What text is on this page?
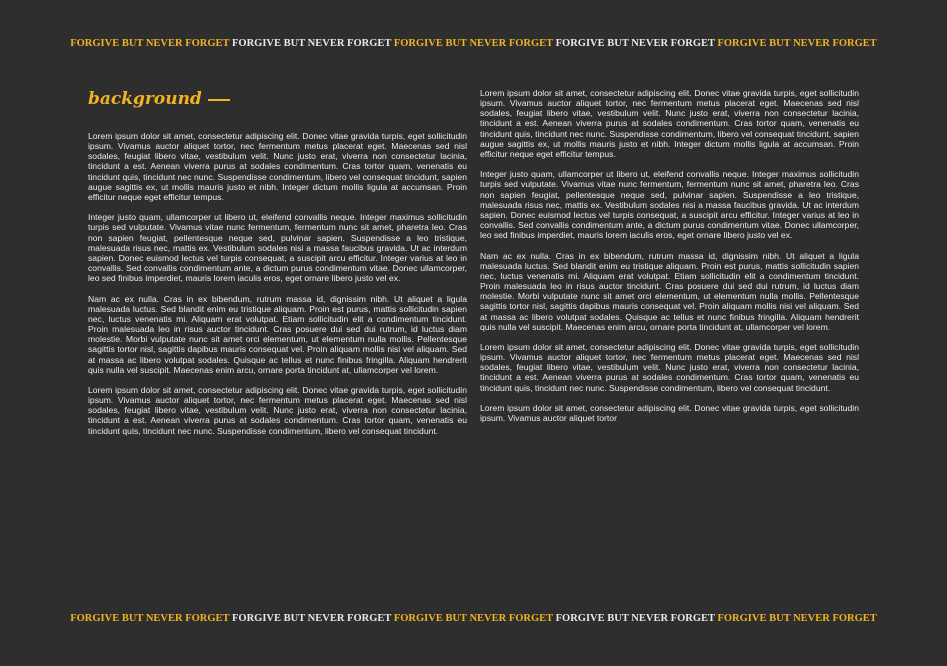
FORGIVE BUT NEVER FORGET FORGIVE BUT NEVER FORGET FORGIVE BUT NEVER FORGET FORGIVE BUT NEVER FORGET FORGIVE BUT NEVER FORGET
background

Lorem ipsum dolor sit amet, consectetur adipiscing elit. Donec vitae gravida turpis, eget sollicitudin ipsum. Vivamus auctor aliquet tortor, nec fermentum metus placerat eget. Maecenas sed nisl sodales, feugiat libero vitae, vestibulum velit. Nunc justo erat, viverra non consectetur lacinia, tincidunt a est. Aenean viverra purus at sodales condimentum. Cras tortor quam, venenatis eu tincidunt quis, tincidunt nec nunc. Suspendisse condimentum, libero vel consequat tincidunt, sapien augue sagittis ex, ut mollis mauris justo et nibh. Integer dictum mollis ligula at accumsan. Proin efficitur neque eget efficitur tempus.

Integer justo quam, ullamcorper ut libero ut, eleifend convallis neque. Integer maximus sollicitudin turpis sed vulputate. Vivamus vitae nunc fermentum, fermentum nunc sit amet, pharetra leo. Cras non sapien feugiat, pellentesque neque sed, pulvinar sapien. Suspendisse a leo tristique, malesuada risus nec, mattis ex. Vestibulum sodales nisi a massa faucibus gravida. Ut ac interdum sapien. Donec euismod lectus vel turpis consequat, a suscipit arcu efficitur. Integer varius at leo in convallis. Sed convallis condimentum ante, a dictum purus condimentum vitae. Donec ullamcorper, leo sed finibus imperdiet, mauris lorem iaculis eros, eget ornare libero justo vel ex.

Nam ac ex nulla. Cras in ex bibendum, rutrum massa id, dignissim nibh. Ut aliquet a ligula malesuada luctus. Sed blandit enim eu tristique aliquam. Proin est purus, mattis sollicitudin sapien nec, luctus venenatis mi. Aliquam erat volutpat. Etiam sollicitudin elit a condimentum tincidunt. Proin malesuada leo in risus auctor tincidunt. Cras posuere dui sed dui rutrum, id luctus diam molestie. Morbi vulputate nunc sit amet orci elementum, ut elementum nulla mollis. Pellentesque sagittis tortor nisl, sagittis dapibus mauris consequat vel. Proin aliquam mollis nisi vel aliquam. Sed at massa ac libero volutpat sodales. Quisque ac tellus et nunc finibus fringilla. Aliquam hendrerit quis nulla vel suscipit. Maecenas enim arcu, ornare porta tincidunt at, ullamcorper vel lorem.

Lorem ipsum dolor sit amet, consectetur adipiscing elit. Donec vitae gravida turpis, eget sollicitudin ipsum. Vivamus auctor aliquet tortor, nec fermentum metus placerat eget. Maecenas sed nisl sodales, feugiat libero vitae, vestibulum velit. Nunc justo erat, viverra non consectetur lacinia, tincidunt a est. Aenean viverra purus at sodales condimentum. Cras tortor quam, venenatis eu tincidunt quis, tincidunt nec nunc. Suspendisse condimentum, libero vel consequat tincidunt.

Lorem ipsum dolor sit amet, consectetur adipiscing elit. Donec vitae gravida turpis, eget sollicitudin ipsum. Vivamus auctor aliquet tortor, nec fermentum metus placerat eget. Maecenas sed nisl sodales, feugiat libero vitae, vestibulum velit. Nunc justo erat, viverra non consectetur lacinia, tincidunt a est. Aenean viverra purus at sodales condimentum. Cras tortor quam, venenatis eu tincidunt quis, tincidunt nec nunc. Suspendisse condimentum, libero vel consequat tincidunt, sapien augue sagittis ex, ut mollis mauris justo et nibh. Integer dictum mollis ligula at accumsan. Proin efficitur neque eget efficitur tempus.

Integer justo quam, ullamcorper ut libero ut, eleifend convallis neque. Integer maximus sollicitudin turpis sed vulputate. Vivamus vitae nunc fermentum, fermentum nunc sit amet, pharetra leo. Cras non sapien feugiat, pellentesque neque sed, pulvinar sapien. Suspendisse a leo tristique, malesuada risus nec, mattis ex. Vestibulum sodales nisi a massa faucibus gravida. Ut ac interdum sapien. Donec euismod lectus vel turpis consequat, a suscipit arcu efficitur. Integer varius at leo in convallis. Sed convallis condimentum ante, a dictum purus condimentum vitae. Donec ullamcorper, leo sed finibus imperdiet, mauris lorem iaculis eros, eget ornare libero justo vel ex.

Nam ac ex nulla. Cras in ex bibendum, rutrum massa id, dignissim nibh. Ut aliquet a ligula malesuada luctus. Sed blandit enim eu tristique aliquam. Proin est purus, mattis sollicitudin sapien nec, luctus venenatis mi. Aliquam erat volutpat. Etiam sollicitudin elit a condimentum tincidunt. Proin malesuada leo in risus auctor tincidunt. Cras posuere dui sed dui rutrum, id luctus diam molestie. Morbi vulputate nunc sit amet orci elementum, ut elementum nulla mollis. Pellentesque sagittis tortor nisl, sagittis dapibus mauris consequat vel. Proin aliquam mollis nisi vel aliquam. Sed at massa ac libero volutpat sodales. Quisque ac tellus et nunc finibus fringilla. Aliquam hendrerit quis nulla vel suscipit. Maecenas enim arcu, ornare porta tincidunt at, ullamcorper vel lorem.

Lorem ipsum dolor sit amet, consectetur adipiscing elit. Donec vitae gravida turpis, eget sollicitudin ipsum. Vivamus auctor aliquet tortor, nec fermentum metus placerat eget. Maecenas sed nisl sodales, feugiat libero vitae, vestibulum velit. Nunc justo erat, viverra non consectetur lacinia, tincidunt a est. Aenean viverra purus at sodales condimentum. Cras tortor quam, venenatis eu tincidunt quis, tincidunt nec nunc. Suspendisse condimentum, libero vel consequat tincidunt.

Lorem ipsum dolor sit amet, consectetur adipiscing elit. Donec vitae gravida turpis, eget sollicitudin ipsum. Vivamus auctor aliquet tortor

FORGIVE BUT NEVER FORGET FORGIVE BUT NEVER FORGET FORGIVE BUT NEVER FORGET FORGIVE BUT NEVER FORGET FORGIVE BUT NEVER FORGET
